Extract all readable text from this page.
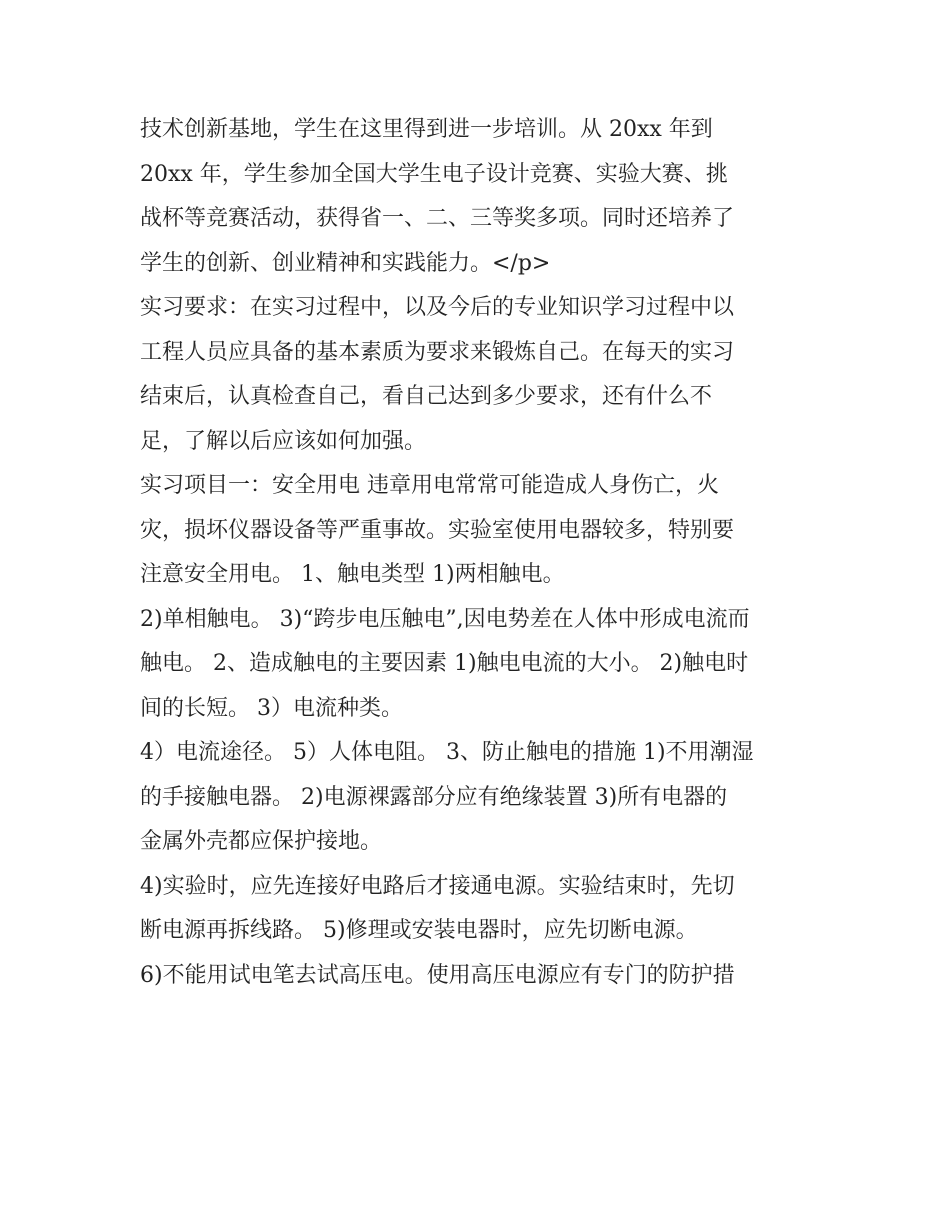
技术创新基地，学生在这里得到进一步培训。从 20xx 年到
20xx 年，学生参加全国大学生电子设计竞赛、实验大赛、挑
战杯等竞赛活动，获得省一、二、三等奖多项。同时还培养了
学生的创新、创业精神和实践能力。</p>
实习要求：在实习过程中，以及今后的专业知识学习过程中以
工程人员应具备的基本素质为要求来锻炼自己。在每天的实习
结束后，认真检查自己，看自己达到多少要求，还有什么不
足，了解以后应该如何加强。
实习项目一：安全用电 违章用电常常可能造成人身伤亡，火
灾，损坏仪器设备等严重事故。实验室使用电器较多，特别要
注意安全用电。 1、触电类型 1)两相触电。
2)单相触电。 3)“跨步电压触电”,因电势差在人体中形成电流而
触电。 2、造成触电的主要因素 1)触电电流的大小。 2)触电时
间的长短。 3）电流种类。
4）电流途径。 5）人体电阻。 3、防止触电的措施 1)不用潮湿
的手接触电器。 2)电源裸露部分应有绝缘装置 3)所有电器的
金属外壳都应保护接地。
4)实验时，应先连接好电路后才接通电源。实验结束时，先切
断电源再拆线路。 5)修理或安装电器时，应先切断电源。
6)不能用试电笔去试高压电。使用高压电源应有专门的防护措
